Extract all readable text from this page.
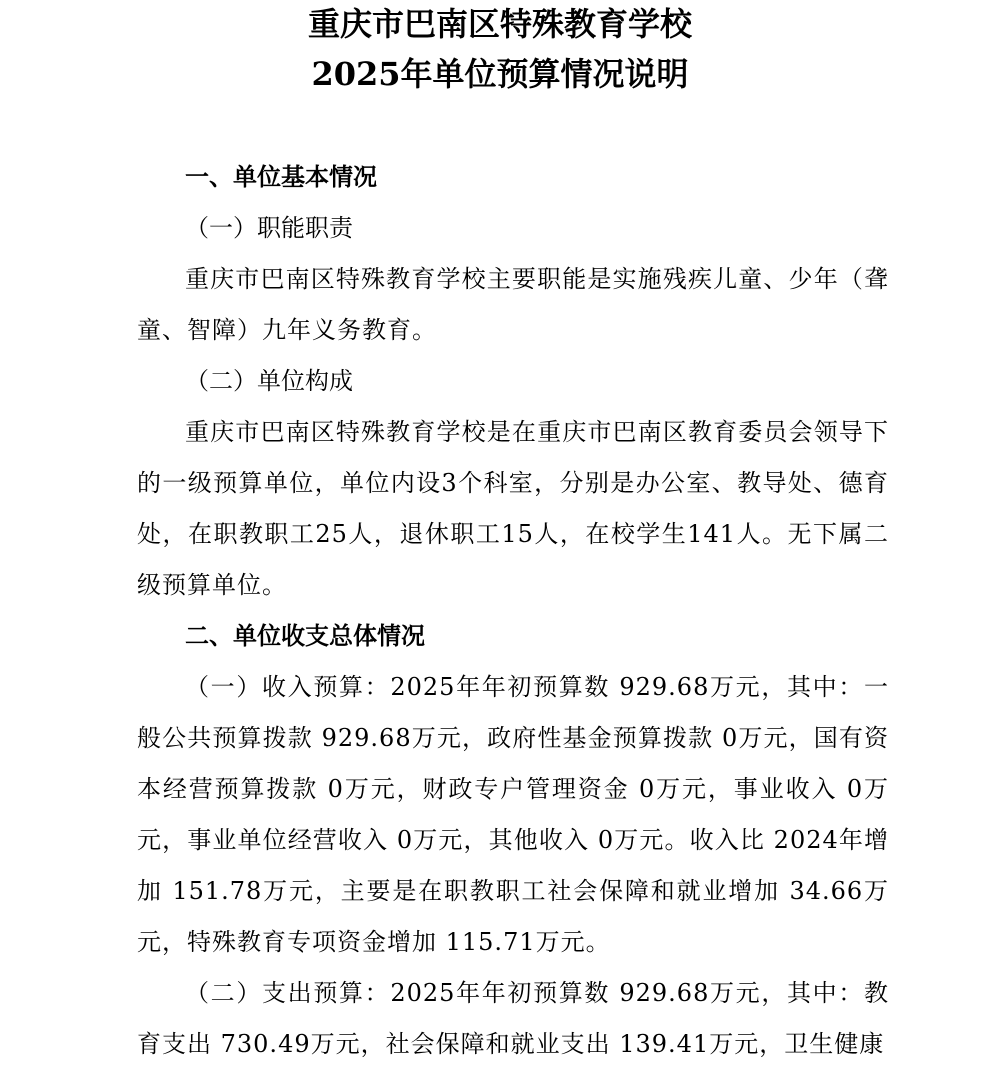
重庆市巴南区特殊教育学校
2025年单位预算情况说明

一、单位基本情况

（一）职能职责

重庆市巴南区特殊教育学校主要职能是实施残疾儿童、少年（聋童、智障）九年义务教育。

（二）单位构成

重庆市巴南区特殊教育学校是在重庆市巴南区教育委员会领导下的一级预算单位，单位内设3个科室，分别是办公室、教导处、德育处，在职教职工25人，退休职工15人，在校学生141人。无下属二级预算单位。

二、单位收支总体情况

（一）收入预算：2025年年初预算数 929.68万元，其中：一般公共预算拨款 929.68万元，政府性基金预算拨款 0万元，国有资本经营预算拨款 0万元，财政专户管理资金 0万元，事业收入 0万元，事业单位经营收入 0万元，其他收入 0万元。收入比 2024年增加 151.78万元，主要是在职教职工社会保障和就业增加 34.66万元，特殊教育专项资金增加 115.71万元。

（二）支出预算：2025年年初预算数 929.68万元，其中：教育支出 730.49万元，社会保障和就业支出 139.41万元，卫生健康
